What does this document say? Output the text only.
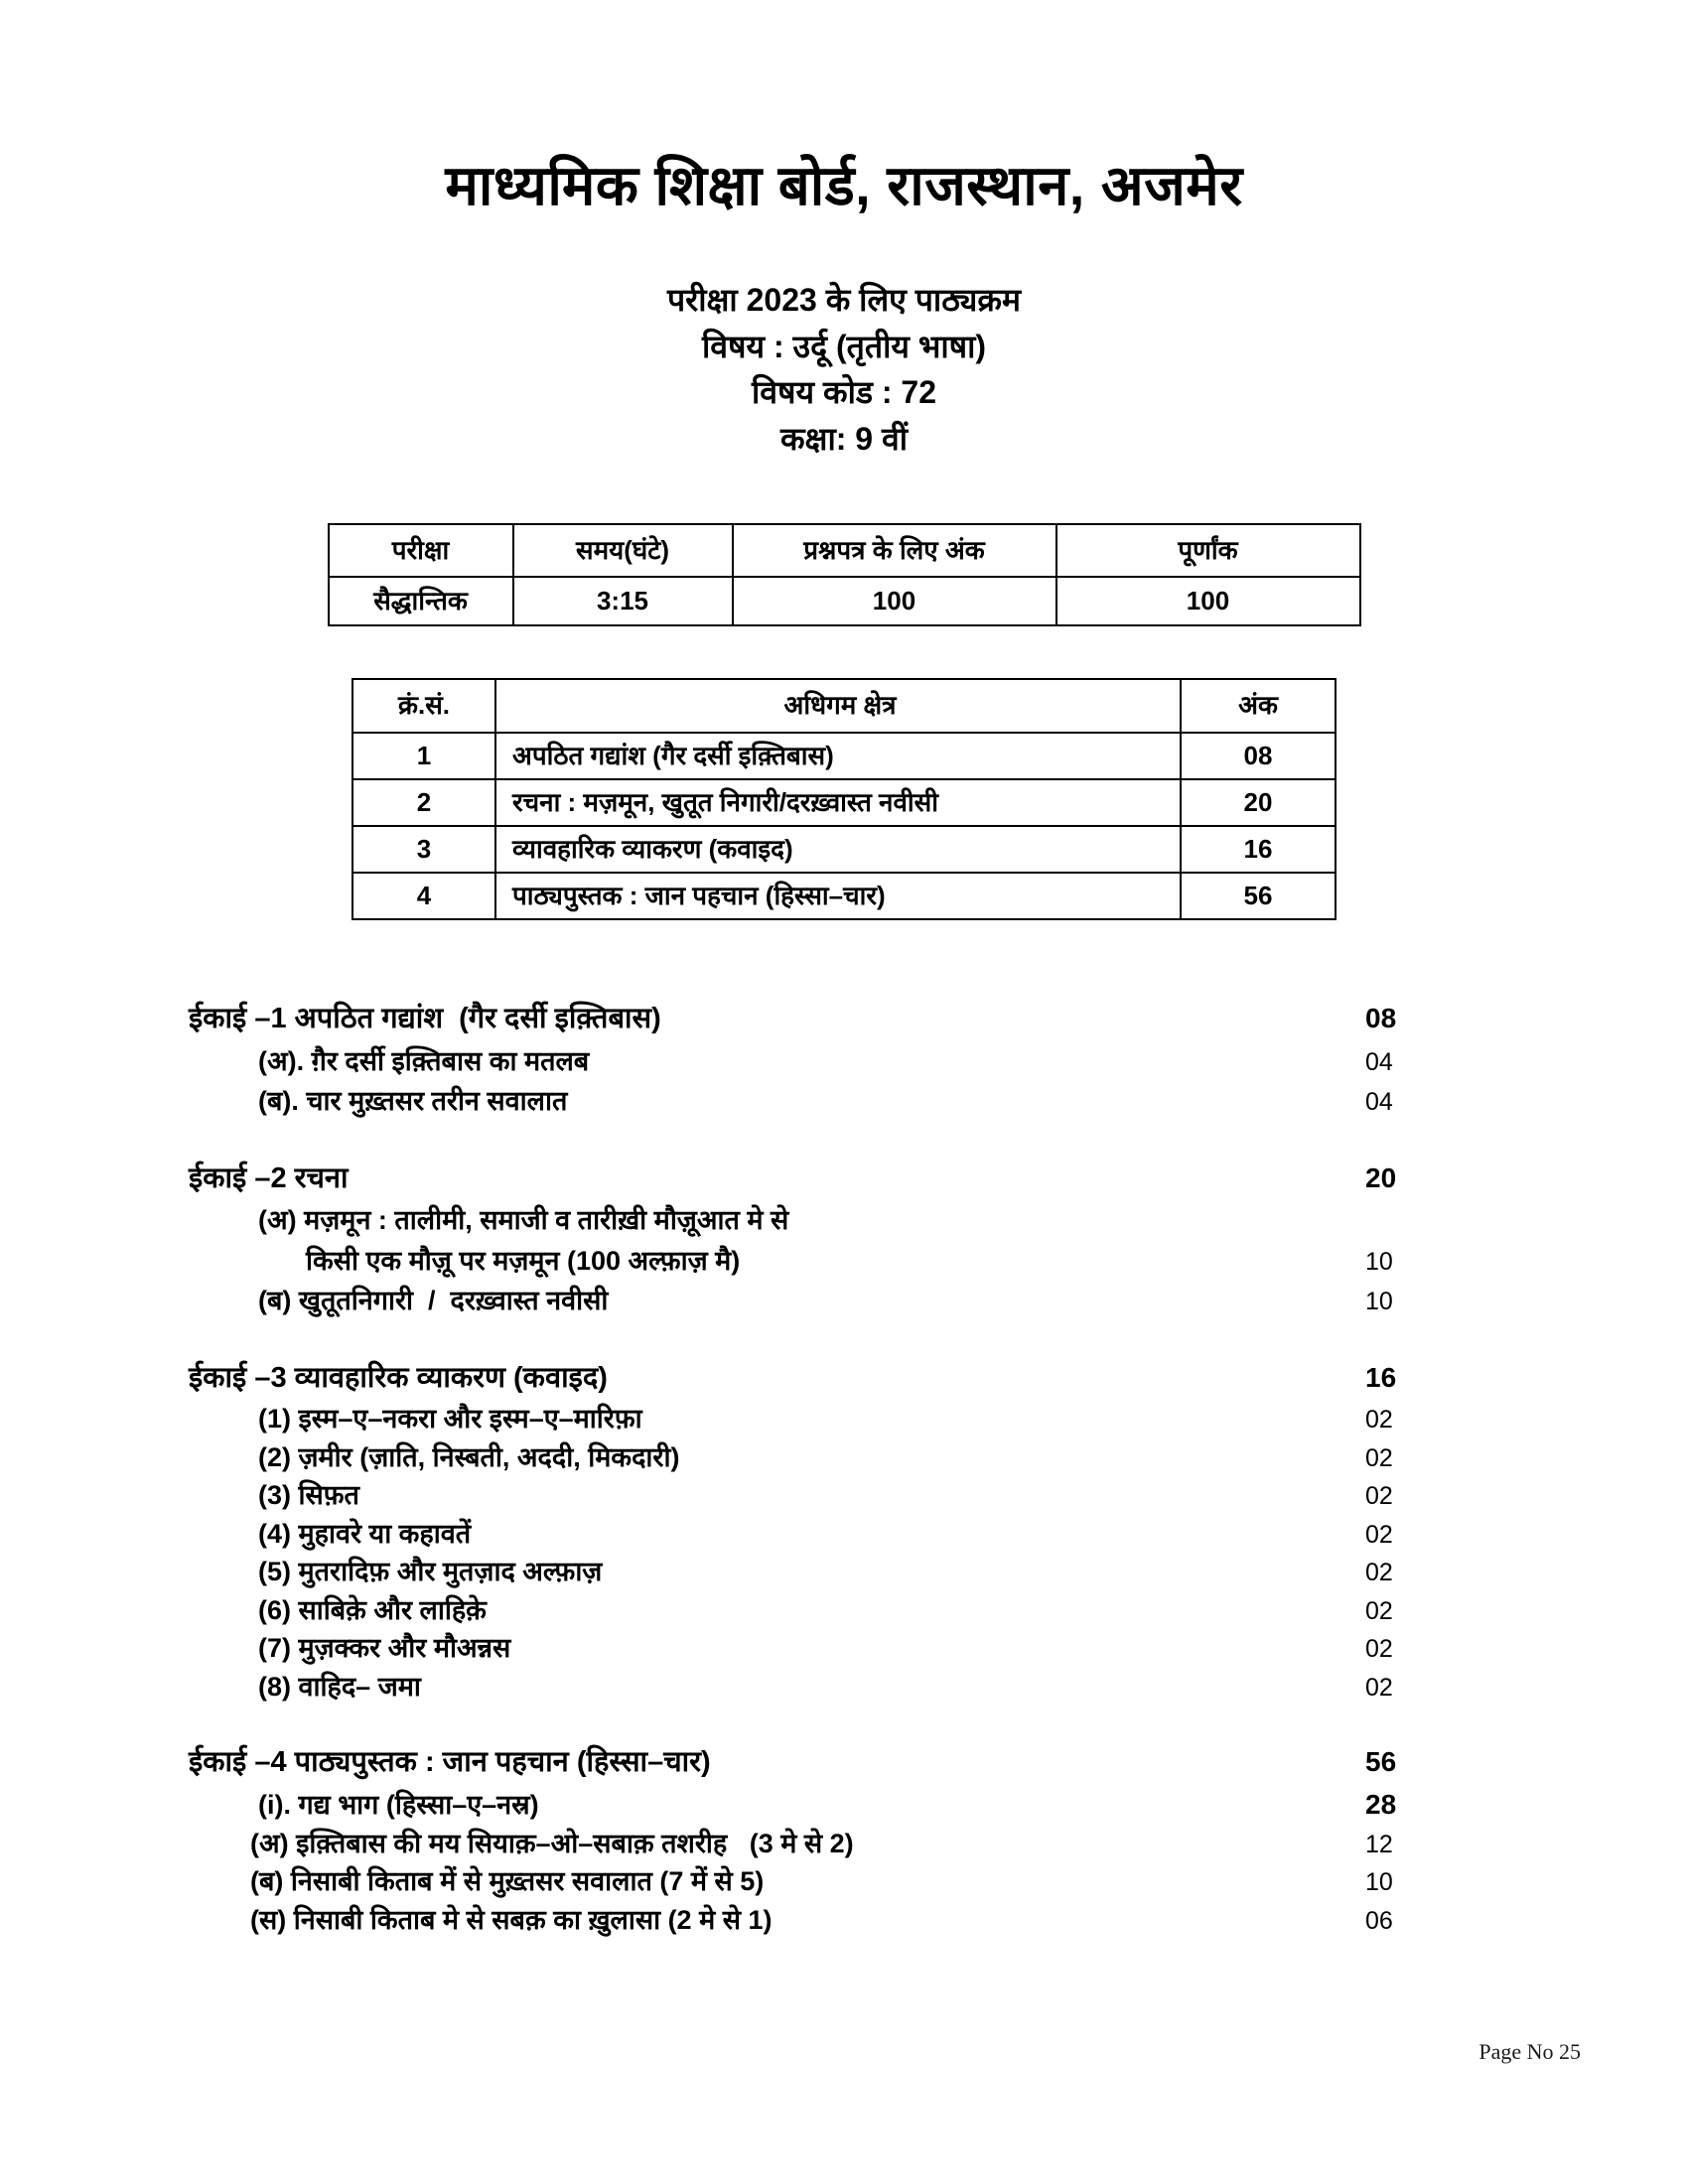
माध्यमिक शिक्षा बोर्ड, राजस्थान, अजमेर
परीक्षा 2023 के लिए पाठ्यक्रम
विषय : उर्दू (तृतीय भाषा)
विषय कोड : 72
कक्षा: 9 वीं
परीक्षा	समय(घंटे)	प्रश्नपत्र के लिए अंक	पूर्णांक
सैद्धान्तिक	3:15	100	100
क्रं.सं.	अधिगम क्षेत्र	अंक
1	अपठित गद्यांश (गैर दर्सी इक़्तिबास)	08
2	रचना : मज़मून, खुतूत निगारी/दरख़्वास्त नवीसी	20
3	व्यावहारिक व्याकरण (कवाइद)	16
4	पाठ्यपुस्तक : जान पहचान (हिस्सा–चार)	56
ईकाई –1 अपठित गद्यांश  (गैर दर्सी इक़्तिबास)	08
(अ). ग़ैर दर्सी इक़्तिबास का मतलब	04
(ब). चार मुख़्तसर तरीन सवालात	04
ईकाई –2 रचना	20
(अ) मज़मून : तालीमी, समाजी व तारीख़ी मौज़ूआत मे से
किसी एक मौज़ू पर मज़मून (100 अल्फ़ाज़ मै)	10
(ब) खुतूतनिगारी  /  दरख़्वास्त नवीसी	10
ईकाई –3 व्यावहारिक व्याकरण (कवाइद)	16
(1) इस्म–ए–नकरा और इस्म–ए–मारिफ़ा	02
(2) ज़मीर (ज़ाति, निस्बती, अददी, मिकदारी)	02
(3) सिफ़त	02
(4) मुहावरे या कहावतें	02
(5) मुतरादिफ़ और मुतज़ाद अल्फ़ाज़	02
(6) साबिके़ और लाहिके़	02
(7) मुज़क्कर और मौअन्नस	02
(8) वाहिद– जमा	02
ईकाई –4 पाठ्यपुस्तक : जान पहचान (हिस्सा–चार)	56
(i). गद्य भाग (हिस्सा–ए–नस्र)	28
(अ) इक़्तिबास की मय सियाक़–ओ–सबाक़ तशरीह   (3 मे से 2)	12
(ब) निसाबी किताब में से मुख़्तसर सवालात (7 में से 5)	10
(स) निसाबी किताब मे से सबक़ का ख़ुलासा (2 मे से 1)	06
Page No 25
